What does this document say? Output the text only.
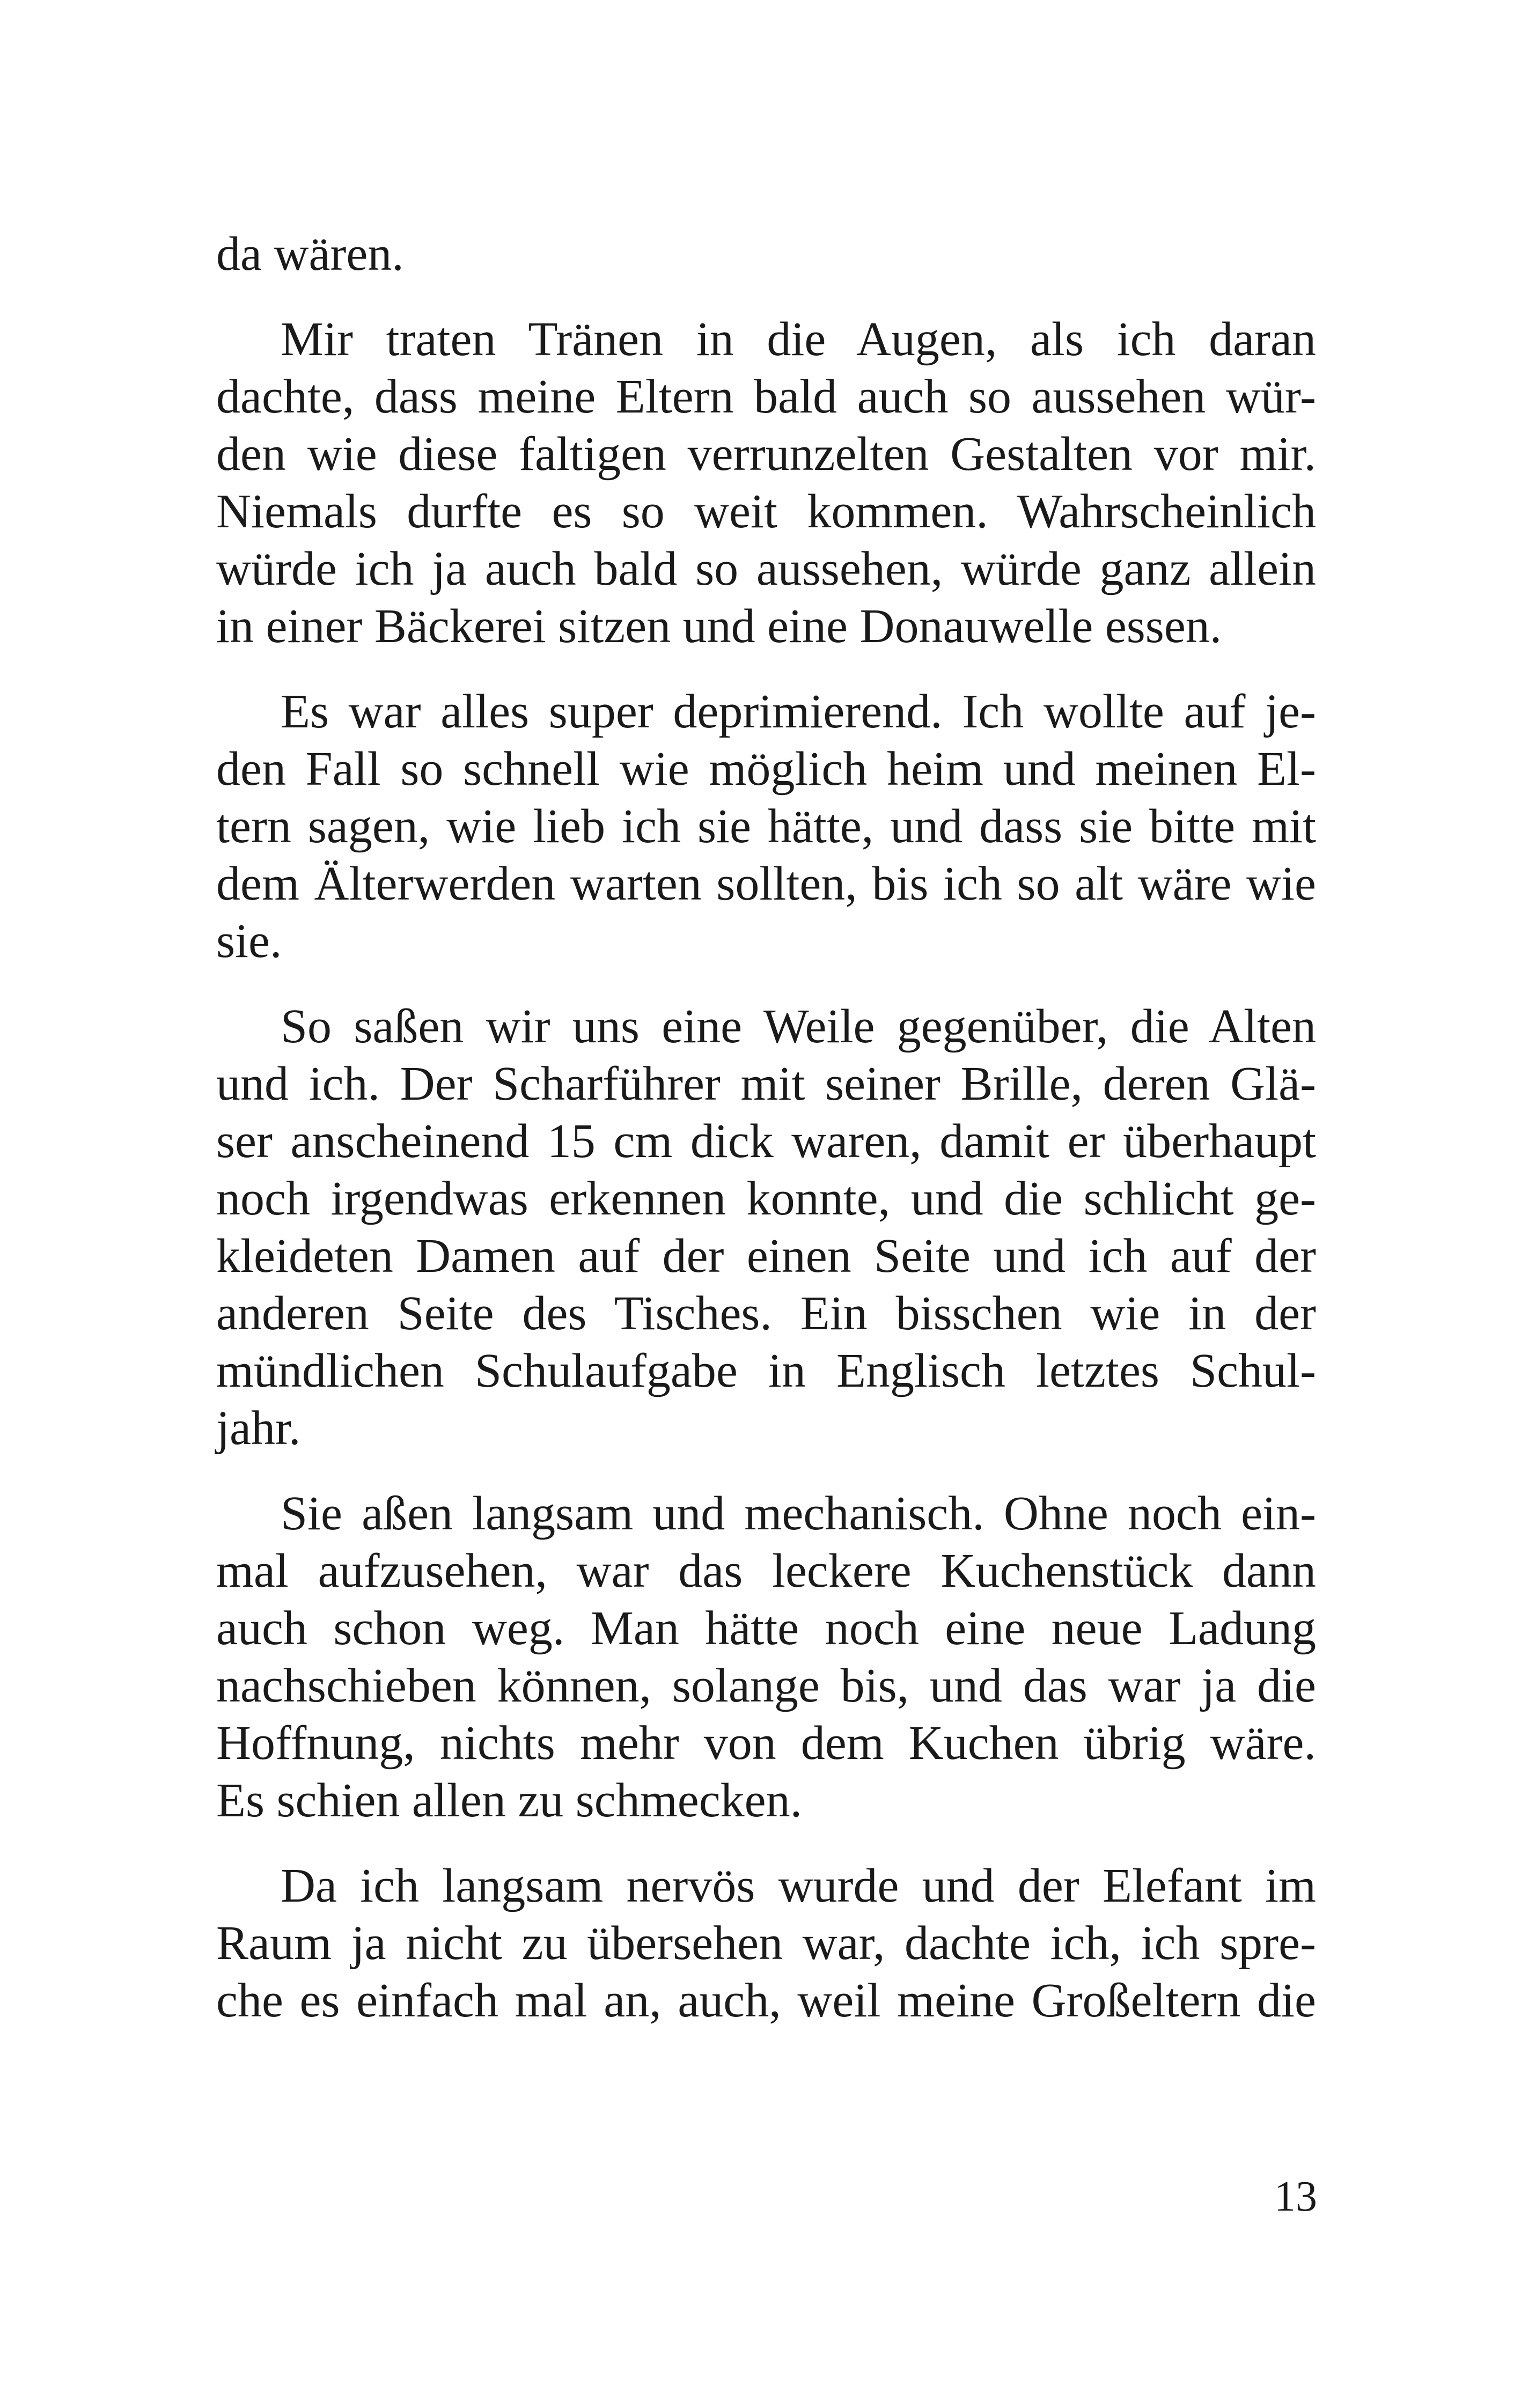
da wären.

Mir traten Tränen in die Augen, als ich daran
dachte, dass meine Eltern bald auch so aussehen wür-
den wie diese faltigen verrunzelten Gestalten vor mir.
Niemals durfte es so weit kommen. Wahrscheinlich
würde ich ja auch bald so aussehen, würde ganz allein
in einer Bäckerei sitzen und eine Donauwelle essen.

Es war alles super deprimierend. Ich wollte auf je-
den Fall so schnell wie möglich heim und meinen El-
tern sagen, wie lieb ich sie hätte, und dass sie bitte mit
dem Älterwerden warten sollten, bis ich so alt wäre wie
sie.

So saßen wir uns eine Weile gegenüber, die Alten
und ich. Der Scharführer mit seiner Brille, deren Glä-
ser anscheinend 15 cm dick waren, damit er überhaupt
noch irgendwas erkennen konnte, und die schlicht ge-
kleideten Damen auf der einen Seite und ich auf der
anderen Seite des Tisches. Ein bisschen wie in der
mündlichen Schulaufgabe in Englisch letztes Schul-
jahr.

Sie aßen langsam und mechanisch. Ohne noch ein-
mal aufzusehen, war das leckere Kuchenstück dann
auch schon weg. Man hätte noch eine neue Ladung
nachschieben können, solange bis, und das war ja die
Hoffnung, nichts mehr von dem Kuchen übrig wäre.
Es schien allen zu schmecken.

Da ich langsam nervös wurde und der Elefant im
Raum ja nicht zu übersehen war, dachte ich, ich spre-
che es einfach mal an, auch, weil meine Großeltern die

13
